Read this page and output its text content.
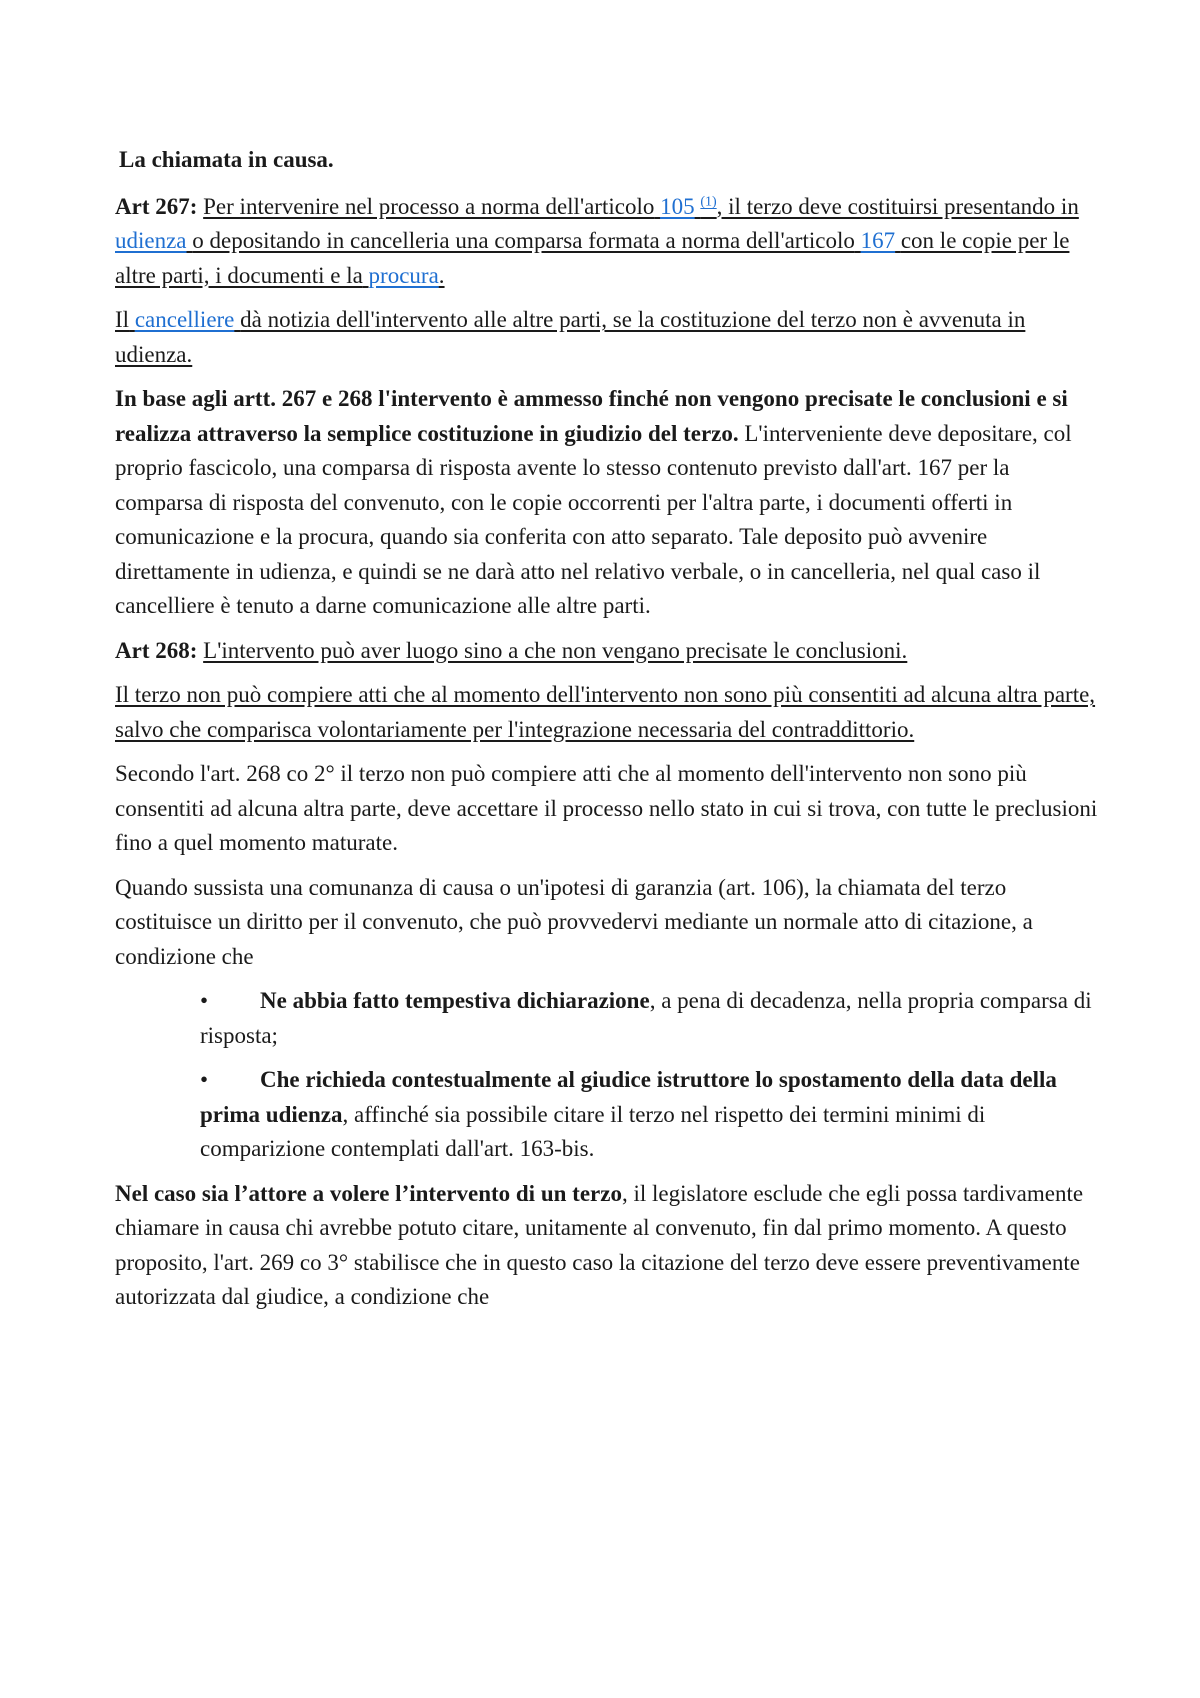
La chiamata in causa.

Art 267: Per intervenire nel processo a norma dell'articolo 105 $^{(1)}$, il terzo deve costituirsi presentando in udienza o depositando in cancelleria una comparsa formata a norma dell'articolo 167 con le copie per le altre parti, i documenti e la procura.

Il cancelliere dà notizia dell'intervento alle altre parti, se la costituzione del terzo non è avvenuta in udienza.

In base agli artt. 267 e 268 l'intervento è ammesso finché non vengono precisate le conclusioni e si realizza attraverso la semplice costituzione in giudizio del terzo. L'interveniente deve depositare, col proprio fascicolo, una comparsa di risposta avente lo stesso contenuto previsto dall'art. 167 per la comparsa di risposta del convenuto, con le copie occorrenti per l'altra parte, i documenti offerti in comunicazione e la procura, quando sia conferita con atto separato. Tale deposito può avvenire direttamente in udienza, e quindi se ne darà atto nel relativo verbale, o in cancelleria, nel qual caso il cancelliere è tenuto a darne comunicazione alle altre parti.

Art 268: L'intervento può aver luogo sino a che non vengano precisate le conclusioni.

Il terzo non può compiere atti che al momento dell'intervento non sono più consentiti ad alcuna altra parte, salvo che comparisca volontariamente per l'integrazione necessaria del contraddittorio.

Secondo l'art. 268 co 2° il terzo non può compiere atti che al momento dell'intervento non sono più consentiti ad alcuna altra parte, deve accettare il processo nello stato in cui si trova, con tutte le preclusioni fino a quel momento maturate.

Quando sussista una comunanza di causa o un'ipotesi di garanzia (art. 106), la chiamata del terzo costituisce un diritto per il convenuto, che può provvedervi mediante un normale atto di citazione, a condizione che

• Ne abbia fatto tempestiva dichiarazione, a pena di decadenza, nella propria comparsa di risposta;
• Che richieda contestualmente al giudice istruttore lo spostamento della data della prima udienza, affinché sia possibile citare il terzo nel rispetto dei termini minimi di comparizione contemplati dall'art. 163-bis.

Nel caso sia l’attore a volere l’intervento di un terzo, il legislatore esclude che egli possa tardivamente chiamare in causa chi avrebbe potuto citare, unitamente al convenuto, fin dal primo momento. A questo proposito, l'art. 269 co 3° stabilisce che in questo caso la citazione del terzo deve essere preventivamente autorizzata dal giudice, a condizione che
